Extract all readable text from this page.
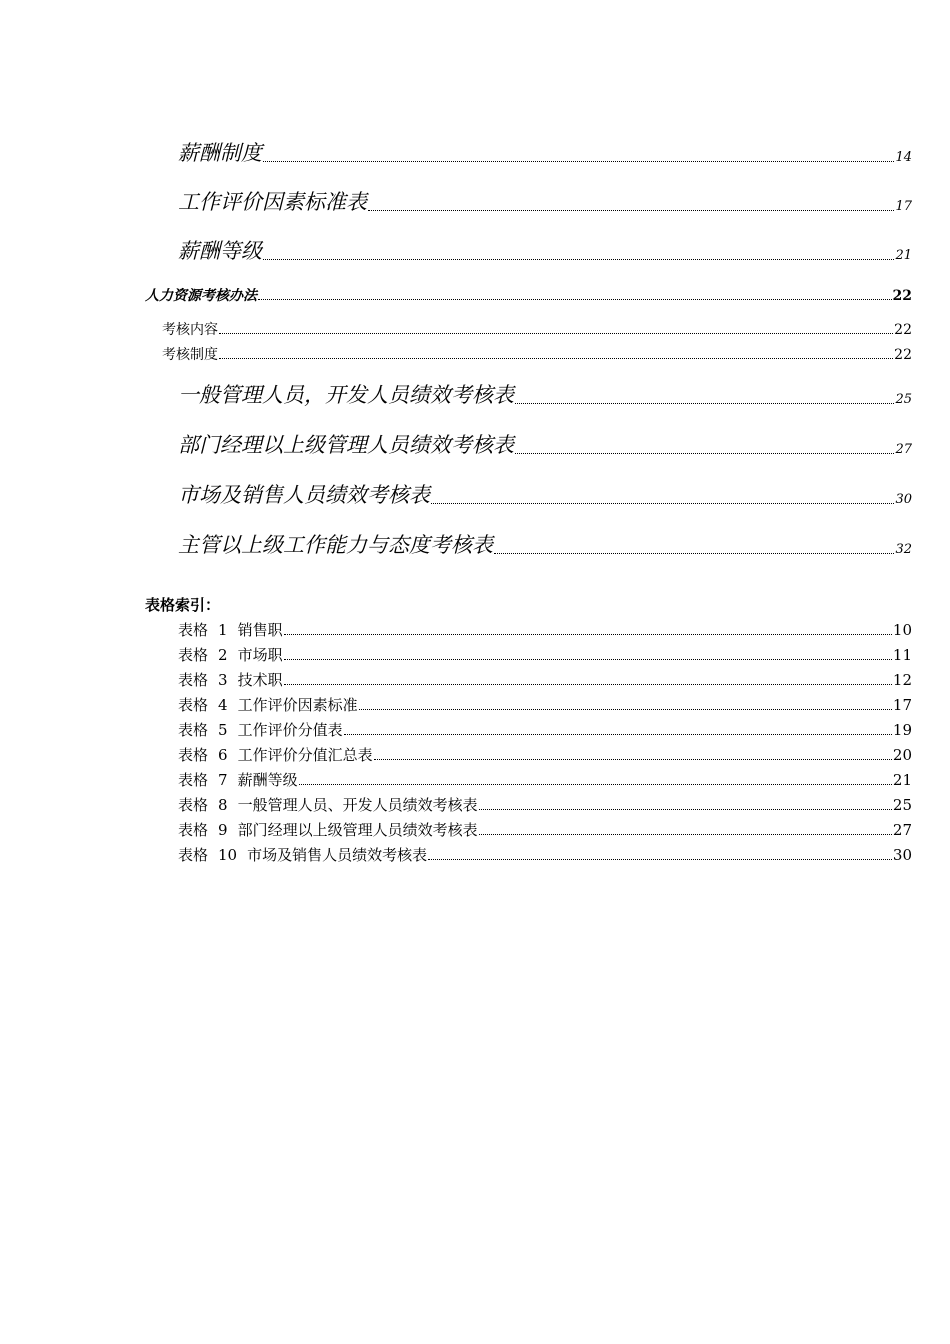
薪酬制度	14
工作评价因素标准表	17
薪酬等级	21
人力资源考核办法	22
考核内容	22
考核制度	22
一般管理人员，开发人员绩效考核表	25
部门经理以上级管理人员绩效考核表	27
市场及销售人员绩效考核表	30
主管以上级工作能力与态度考核表	32
表格索引：
表格 1 销售职	10
表格 2 市场职	11
表格 3 技术职	12
表格 4 工作评价因素标准	17
表格 5 工作评价分值表	19
表格 6 工作评价分值汇总表	20
表格 7 薪酬等级	21
表格 8 一般管理人员、开发人员绩效考核表	25
表格 9 部门经理以上级管理人员绩效考核表	27
表格 10 市场及销售人员绩效考核表	30
